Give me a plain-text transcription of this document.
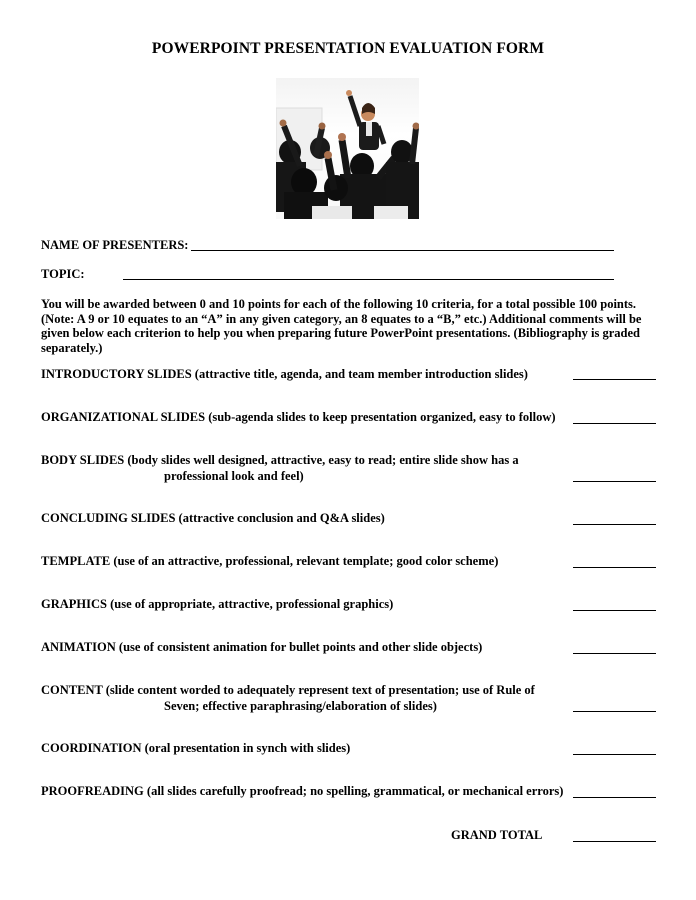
POWERPOINT PRESENTATION EVALUATION FORM
NAME OF PRESENTERS:
TOPIC:
You will be awarded between 0 and 10 points for each of the following 10 criteria, for a total possible 100 points. (Note: A 9 or 10 equates to an “A” in any given category, an 8 equates to a “B,” etc.) Additional comments will be given below each criterion to help you when preparing future PowerPoint presentations. (Bibliography is graded separately.)
INTRODUCTORY SLIDES (attractive title, agenda, and team member introduction slides)
ORGANIZATIONAL SLIDES (sub-agenda slides to keep presentation organized, easy to follow)
BODY SLIDES (body slides well designed, attractive, easy to read; entire slide show has a
professional look and feel)
CONCLUDING SLIDES (attractive conclusion and Q&A slides)
TEMPLATE (use of an attractive, professional, relevant template; good color scheme)
GRAPHICS (use of appropriate, attractive, professional graphics)
ANIMATION (use of consistent animation for bullet points and other slide objects)
CONTENT (slide content worded to adequately represent text of presentation; use of Rule of
Seven; effective paraphrasing/elaboration of slides)
COORDINATION (oral presentation in synch with slides)
PROOFREADING (all slides carefully proofread; no spelling, grammatical, or mechanical errors)
GRAND TOTAL
